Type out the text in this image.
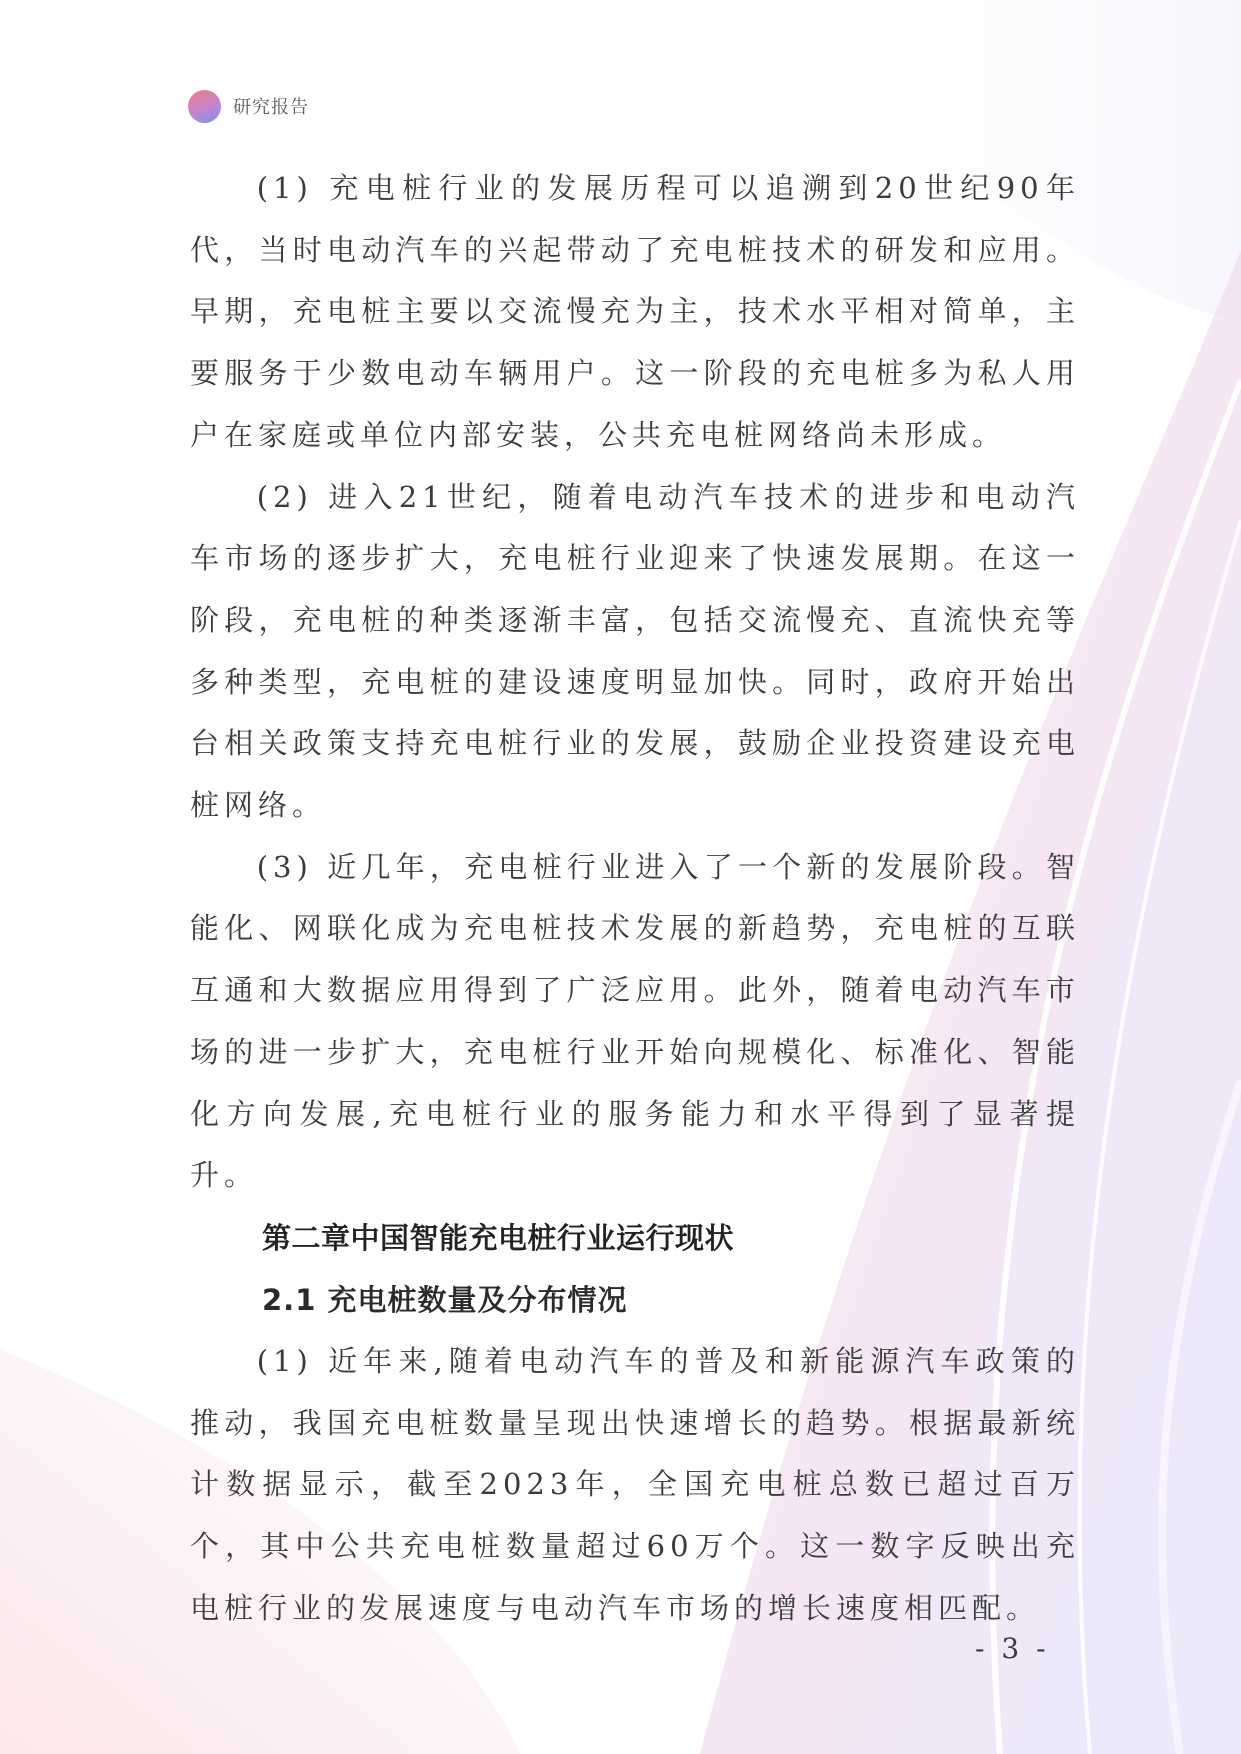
研究报告

(1) 充电桩行业的发展历程可以追溯到20世纪90年代，当时电动汽车的兴起带动了充电桩技术的研发和应用。早期，充电桩主要以交流慢充为主，技术水平相对简单，主要服务于少数电动车辆用户。这一阶段的充电桩多为私人用户在家庭或单位内部安装，公共充电桩网络尚未形成。

(2) 进入21世纪，随着电动汽车技术的进步和电动汽车市场的逐步扩大，充电桩行业迎来了快速发展期。在这一阶段，充电桩的种类逐渐丰富，包括交流慢充、直流快充等多种类型，充电桩的建设速度明显加快。同时，政府开始出台相关政策支持充电桩行业的发展，鼓励企业投资建设充电桩网络。

(3) 近几年，充电桩行业进入了一个新的发展阶段。智能化、网联化成为充电桩技术发展的新趋势，充电桩的互联互通和大数据应用得到了广泛应用。此外，随着电动汽车市场的进一步扩大，充电桩行业开始向规模化、标准化、智能化方向发展,充电桩行业的服务能力和水平得到了显著提升。

第二章中国智能充电桩行业运行现状
2.1 充电桩数量及分布情况

(1) 近年来,随着电动汽车的普及和新能源汽车政策的推动，我国充电桩数量呈现出快速增长的趋势。根据最新统计数据显示，截至2023年，全国充电桩总数已超过百万个，其中公共充电桩数量超过60万个。这一数字反映出充电桩行业的发展速度与电动汽车市场的增长速度相匹配。

- 3 -
